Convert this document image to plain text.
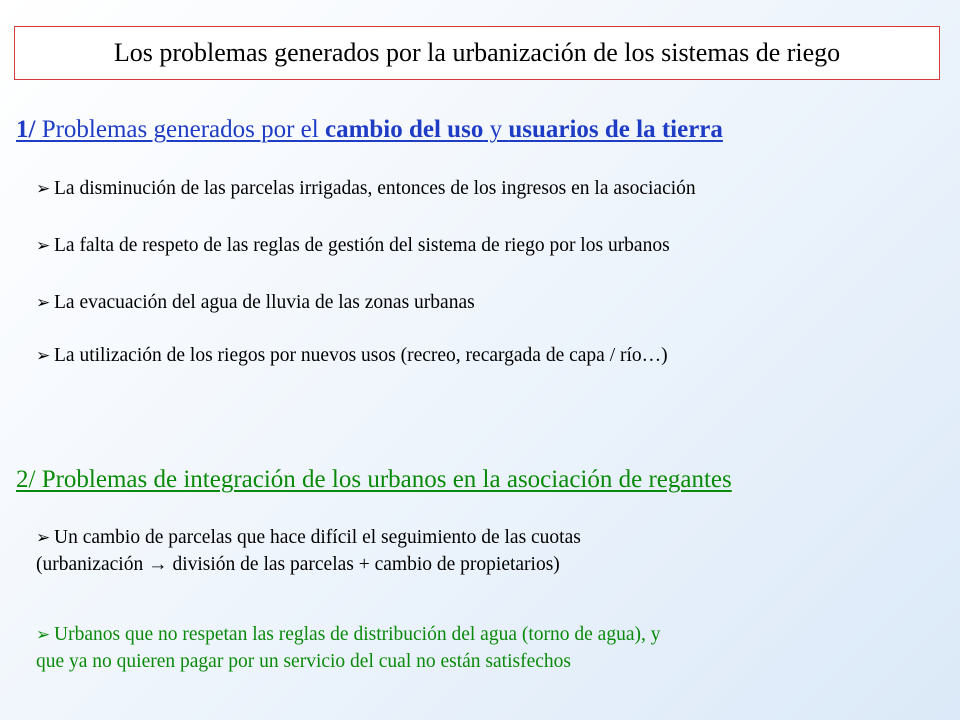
Los problemas generados por la urbanización de los sistemas de riego
1/ Problemas generados por el cambio del uso y usuarios de la tierra
➢ La disminución de las parcelas irrigadas, entonces de los ingresos en la asociación
➢ La falta de respeto de las reglas de gestión del sistema de riego por los urbanos
➢ La evacuación del agua de lluvia de las zonas urbanas
➢ La utilización de los riegos por nuevos usos (recreo, recargada de capa / río…)
2/ Problemas de integración de los urbanos en la asociación de regantes
➢ Un cambio de parcelas que hace difícil el seguimiento de las cuotas
(urbanización → división de las parcelas + cambio de propietarios)
➢ Urbanos que no respetan las reglas de distribución del agua (torno de agua), y
que ya no quieren pagar por un servicio del cual no están satisfechos
